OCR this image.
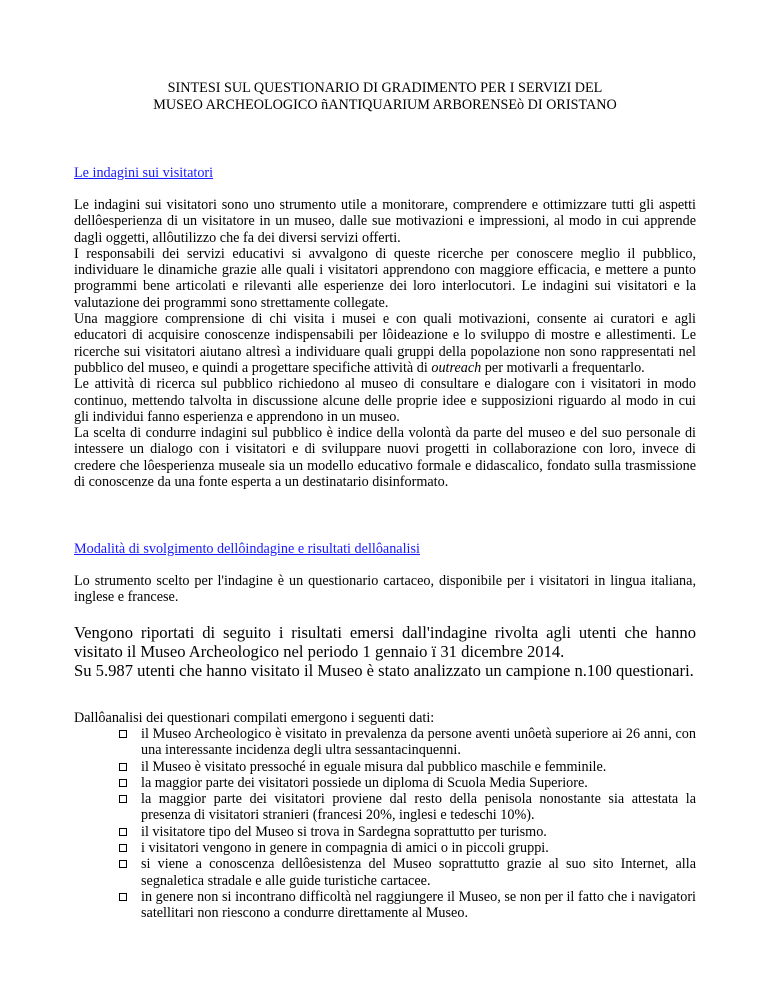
SINTESI SUL QUESTIONARIO DI GRADIMENTO PER I SERVIZI DEL
MUSEO ARCHEOLOGICO ñANTIQUARIUM ARBORENSEò DI ORISTANO
Le indagini sui visitatori

Le indagini sui visitatori sono uno strumento utile a monitorare, comprendere e ottimizzare tutti gli aspetti dellôesperienza di un visitatore in un museo, dalle sue motivazioni e impressioni, al modo in cui apprende dagli oggetti, allôutilizzo che fa dei diversi servizi offerti.

I responsabili dei servizi educativi si avvalgono di queste ricerche per conoscere meglio il pubblico, individuare le dinamiche grazie alle quali i visitatori apprendono con maggiore efficacia, e mettere a punto programmi bene articolati e rilevanti alle esperienze dei loro interlocutori. Le indagini sui visitatori e la valutazione dei programmi sono strettamente collegate.

Una maggiore comprensione di chi visita i musei e con quali motivazioni, consente ai curatori e agli educatori di acquisire conoscenze indispensabili per lôideazione e lo sviluppo di mostre e allestimenti. Le ricerche sui visitatori aiutano altresì a individuare quali gruppi della popolazione non sono rappresentati nel pubblico del museo, e quindi a progettare specifiche attività di outreach per motivarli a frequentarlo.

Le attività di ricerca sul pubblico richiedono al museo di consultare e dialogare con i visitatori in modo continuo, mettendo talvolta in discussione alcune delle proprie idee e supposizioni riguardo al modo in cui gli individui fanno esperienza e apprendono in un museo.

La scelta di condurre indagini sul pubblico è indice della volontà da parte del museo e del suo personale di intessere un dialogo con i visitatori e di sviluppare nuovi progetti in collaborazione con loro, invece di credere che lôesperienza museale sia un modello educativo formale e didascalico, fondato sulla trasmissione di conoscenze da una fonte esperta a un destinatario disinformato.

Modalità di svolgimento dellôindagine e risultati dellôanalisi

Lo strumento scelto per l'indagine è un questionario cartaceo, disponibile per i visitatori in lingua italiana, inglese e francese.

Vengono riportati di seguito i risultati emersi dall'indagine rivolta agli utenti che hanno visitato il Museo Archeologico nel periodo 1 gennaio ï 31 dicembre 2014.

Su 5.987 utenti che hanno visitato il Museo è stato analizzato un campione n.100 questionari.

Dallôanalisi dei questionari compilati emergono i seguenti dati:
il Museo Archeologico è visitato in prevalenza da persone aventi unôetà superiore ai 26 anni, con una interessante incidenza degli ultra sessantacinquenni.
il Museo è visitato pressoché in eguale misura dal pubblico maschile e femminile.
la maggior parte dei visitatori possiede un diploma di Scuola Media Superiore.
la maggior parte dei visitatori proviene dal resto della penisola nonostante sia attestata la presenza di visitatori stranieri (francesi 20%, inglesi e tedeschi 10%).
il visitatore tipo del Museo si trova in Sardegna soprattutto per turismo.
i visitatori vengono in genere in compagnia di amici o in piccoli gruppi.
si viene a conoscenza dellôesistenza del Museo soprattutto grazie al suo sito Internet, alla segnaletica stradale e alle guide turistiche cartacee.
in genere non si incontrano difficoltà nel raggiungere il Museo, se non per il fatto che i navigatori satellitari non riescono a condurre direttamente al Museo.
